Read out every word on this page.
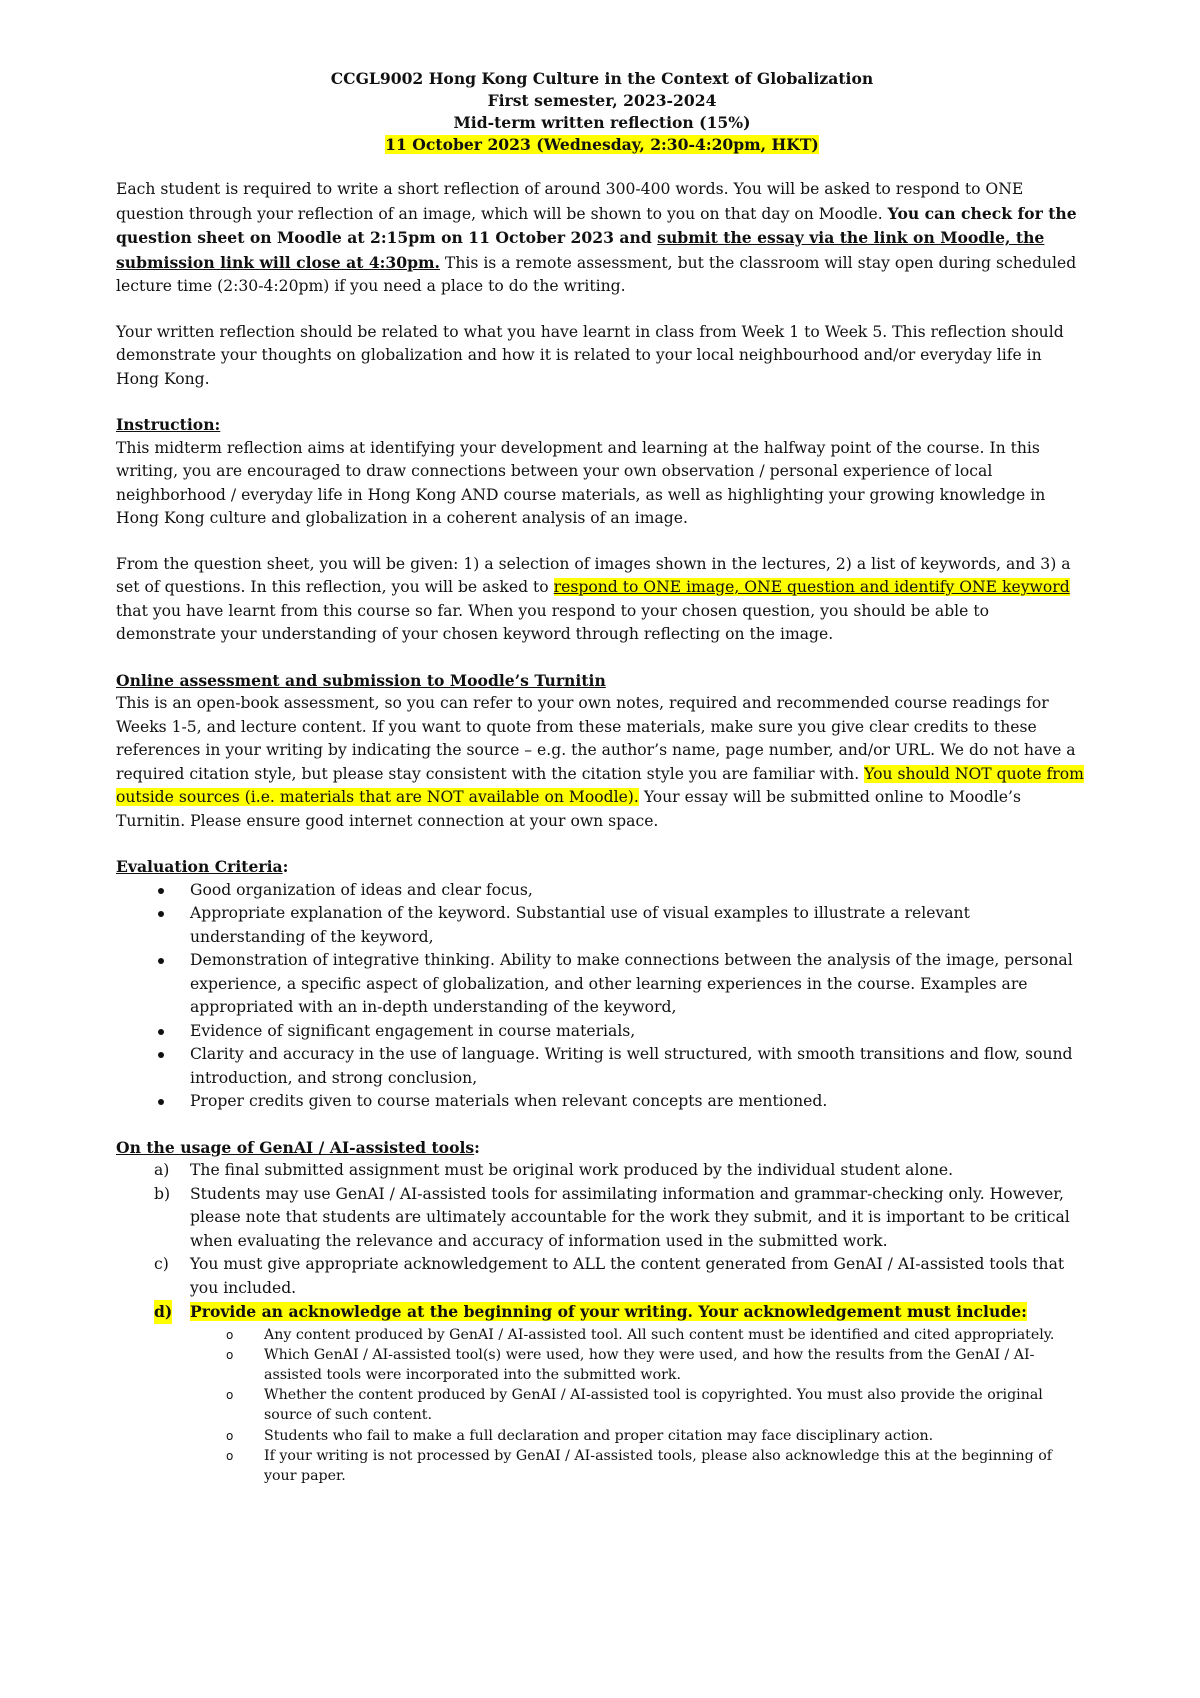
CCGL9002 Hong Kong Culture in the Context of Globalization
First semester, 2023-2024
Mid-term written reflection (15%)
11 October 2023 (Wednesday, 2:30-4:20pm, HKT)

Each student is required to write a short reflection of around 300-400 words. You will be asked to respond to ONE question through your reflection of an image, which will be shown to you on that day on Moodle. You can check for the question sheet on Moodle at 2:15pm on 11 October 2023 and submit the essay via the link on Moodle, the submission link will close at 4:30pm. This is a remote assessment, but the classroom will stay open during scheduled lecture time (2:30-4:20pm) if you need a place to do the writing.

Your written reflection should be related to what you have learnt in class from Week 1 to Week 5. This reflection should demonstrate your thoughts on globalization and how it is related to your local neighbourhood and/or everyday life in Hong Kong.

Instruction:

This midterm reflection aims at identifying your development and learning at the halfway point of the course. In this writing, you are encouraged to draw connections between your own observation / personal experience of local neighborhood / everyday life in Hong Kong AND course materials, as well as highlighting your growing knowledge in Hong Kong culture and globalization in a coherent analysis of an image.

From the question sheet, you will be given: 1) a selection of images shown in the lectures, 2) a list of keywords, and 3) a set of questions. In this reflection, you will be asked to respond to ONE image, ONE question and identify ONE keyword that you have learnt from this course so far. When you respond to your chosen question, you should be able to demonstrate your understanding of your chosen keyword through reflecting on the image.

Online assessment and submission to Moodle’s Turnitin

This is an open-book assessment, so you can refer to your own notes, required and recommended course readings for Weeks 1-5, and lecture content. If you want to quote from these materials, make sure you give clear credits to these references in your writing by indicating the source – e.g. the author’s name, page number, and/or URL. We do not have a required citation style, but please stay consistent with the citation style you are familiar with. You should NOT quote from outside sources (i.e. materials that are NOT available on Moodle). Your essay will be submitted online to Moodle’s Turnitin. Please ensure good internet connection at your own space.

Evaluation Criteria:
Good organization of ideas and clear focus,
Appropriate explanation of the keyword. Substantial use of visual examples to illustrate a relevant understanding of the keyword,
Demonstration of integrative thinking. Ability to make connections between the analysis of the image, personal experience, a specific aspect of globalization, and other learning experiences in the course. Examples are appropriated with an in-depth understanding of the keyword,
Evidence of significant engagement in course materials,
Clarity and accuracy in the use of language. Writing is well structured, with smooth transitions and flow, sound introduction, and strong conclusion,
Proper credits given to course materials when relevant concepts are mentioned.
On the usage of GenAI / AI-assisted tools:
a) The final submitted assignment must be original work produced by the individual student alone.
b) Students may use GenAI / AI-assisted tools for assimilating information and grammar-checking only. However, please note that students are ultimately accountable for the work they submit, and it is important to be critical when evaluating the relevance and accuracy of information used in the submitted work.
c) You must give appropriate acknowledgement to ALL the content generated from GenAI / AI-assisted tools that you included.
d) Provide an acknowledge at the beginning of your writing. Your acknowledgement must include:
o Any content produced by GenAI / AI-assisted tool. All such content must be identified and cited appropriately.
o Which GenAI / AI-assisted tool(s) were used, how they were used, and how the results from the GenAI / AI-assisted tools were incorporated into the submitted work.
o Whether the content produced by GenAI / AI-assisted tool is copyrighted. You must also provide the original source of such content.
o Students who fail to make a full declaration and proper citation may face disciplinary action.
o If your writing is not processed by GenAI / AI-assisted tools, please also acknowledge this at the beginning of your paper.
